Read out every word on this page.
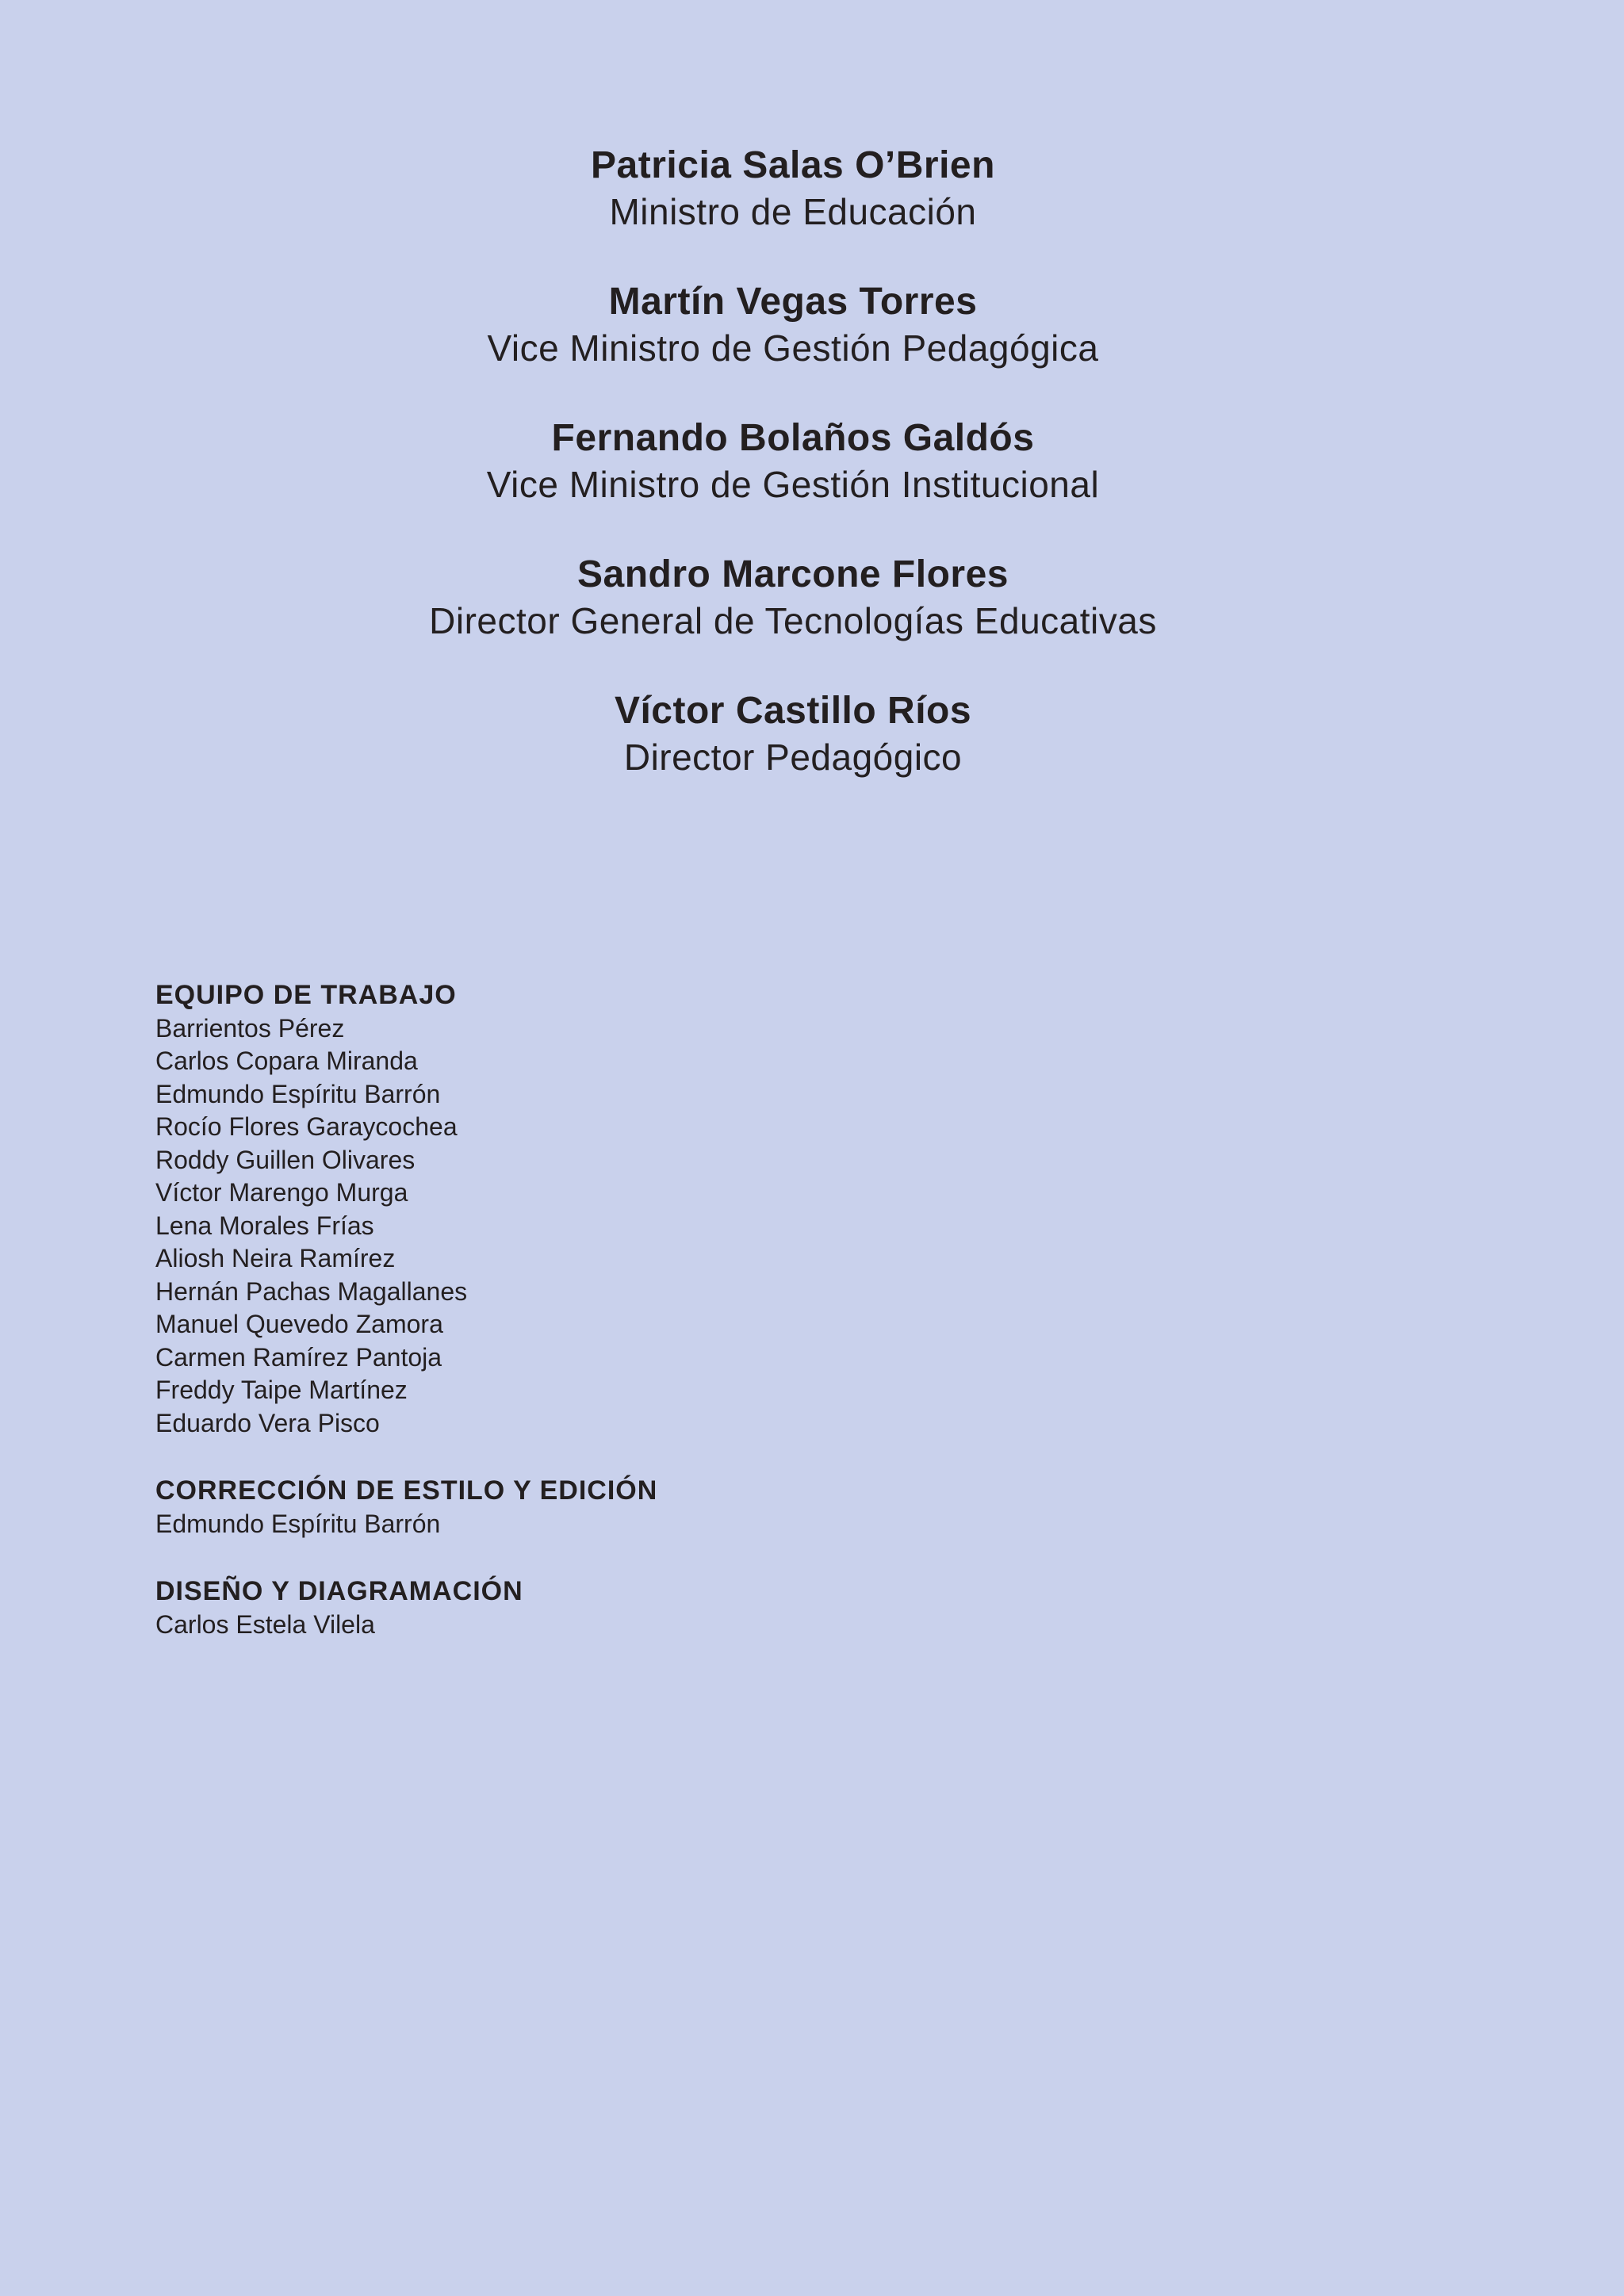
Patricia Salas O’Brien
Ministro de Educación
Martín Vegas Torres
Vice Ministro de Gestión Pedagógica
Fernando Bolaños Galdós
Vice Ministro de Gestión Institucional
Sandro Marcone Flores
Director General de Tecnologías Educativas
Víctor Castillo Ríos
Director Pedagógico
EQUIPO DE TRABAJO
Barrientos Pérez
Carlos Copara Miranda
Edmundo Espíritu Barrón
Rocío Flores Garaycochea
Roddy Guillen Olivares
Víctor Marengo Murga
Lena Morales Frías
Aliosh Neira Ramírez
Hernán Pachas Magallanes
Manuel Quevedo Zamora
Carmen Ramírez Pantoja
Freddy Taipe Martínez
Eduardo Vera Pisco
CORRECCIÓN DE ESTILO Y EDICIÓN
Edmundo Espíritu Barrón
DISEÑO Y DIAGRAMACIÓN
Carlos Estela Vilela
